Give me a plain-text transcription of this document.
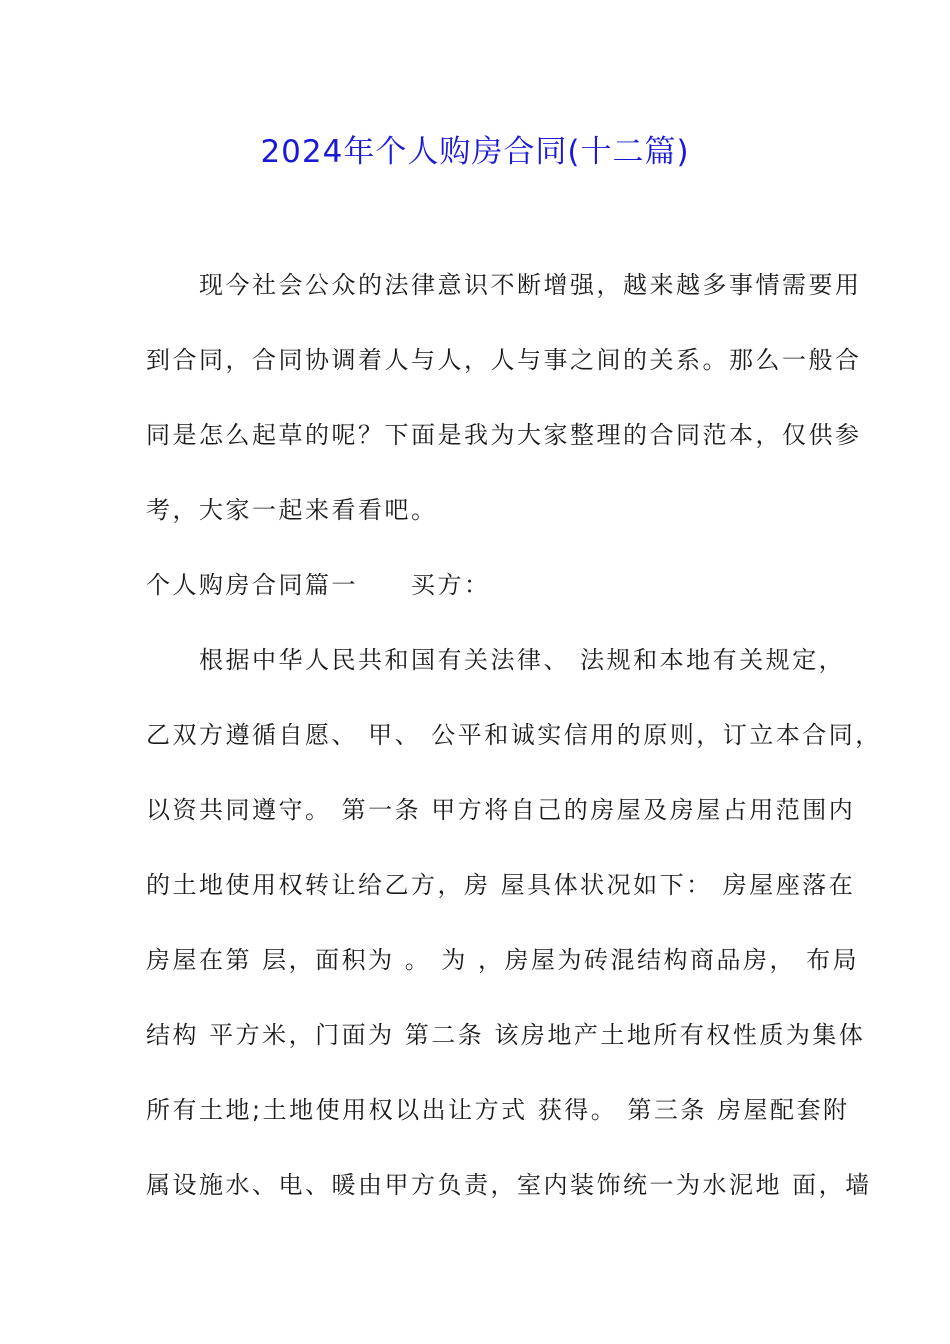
2024年个人购房合同(十二篇)

　　现今社会公众的法律意识不断增强，越来越多事情需要用

到合同，合同协调着人与人，人与事之间的关系。那么一般合

同是怎么起草的呢？下面是我为大家整理的合同范本，仅供参

考，大家一起来看看吧。

个人购房合同篇一　　买方：

　　根据中华人民共和国有关法律、 法规和本地有关规定，

乙双方遵循自愿、 甲、 公平和诚实信用的原则，订立本合同，

以资共同遵守。 第一条 甲方将自己的房屋及房屋占用范围内

的土地使用权转让给乙方，房 屋具体状况如下： 房屋座落在

房屋在第 层，面积为 。 为 ，房屋为砖混结构商品房， 布局

结构 平方米，门面为 第二条 该房地产土地所有权性质为集体

所有土地;土地使用权以出让方式 获得。 第三条 房屋配套附

属设施水、电、暖由甲方负责，室内装饰统一为水泥地 面，墙
